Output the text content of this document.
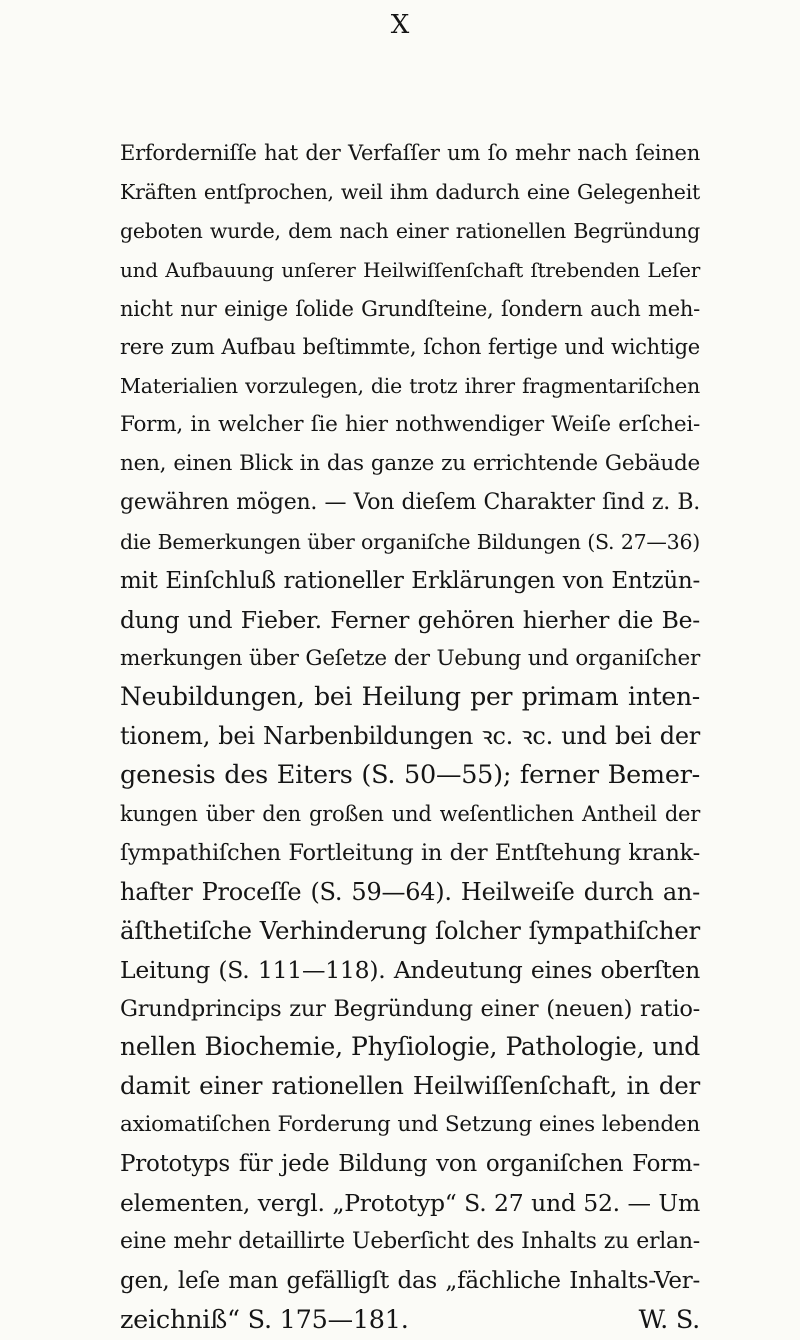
X
Erforderniſſe hat der Verfaſſer um ſo mehr nach ſeinen
Kräften entſprochen, weil ihm dadurch eine Gelegenheit
geboten wurde, dem nach einer rationellen Begründung
und Aufbauung unſerer Heilwiſſenſchaft ſtrebenden Leſer
nicht nur einige ſolide Grundſteine, ſondern auch meh-
rere zum Aufbau beſtimmte, ſchon fertige und wichtige
Materialien vorzulegen, die trotz ihrer fragmentariſchen
Form, in welcher ſie hier nothwendiger Weiſe erſchei-
nen, einen Blick in das ganze zu errichtende Gebäude
gewähren mögen. — Von dieſem Charakter ſind z. B.
die Bemerkungen über organiſche Bildungen (S. 27—36)
mit Einſchluß rationeller Erklärungen von Entzün-
dung und Fieber. Ferner gehören hierher die Be-
merkungen über Geſetze der Uebung und organiſcher
Neubildungen, bei Heilung per primam inten-
tionem, bei Narbenbildungen ꝛc. ꝛc. und bei der
genesis des Eiters (S. 50—55); ferner Bemer-
kungen über den großen und weſentlichen Antheil der
ſympathiſchen Fortleitung in der Entſtehung krank-
hafter Proceſſe (S. 59—64). Heilweiſe durch an-
äſthetiſche Verhinderung ſolcher ſympathiſcher
Leitung (S. 111—118). Andeutung eines oberſten
Grundprincips zur Begründung einer (neuen) ratio-
nellen Biochemie, Phyſiologie, Pathologie, und
damit einer rationellen Heilwiſſenſchaft, in der
axiomatiſchen Forderung und Setzung eines lebenden
Prototyps für jede Bildung von organiſchen Form-
elementen, vergl. „Prototyp“ S. 27 und 52. — Um
eine mehr detaillirte Ueberſicht des Inhalts zu erlan-
gen, leſe man gefälligſt das „fächliche Inhalts-Ver-
zeichniß“ S. 175—181.	W. S.
